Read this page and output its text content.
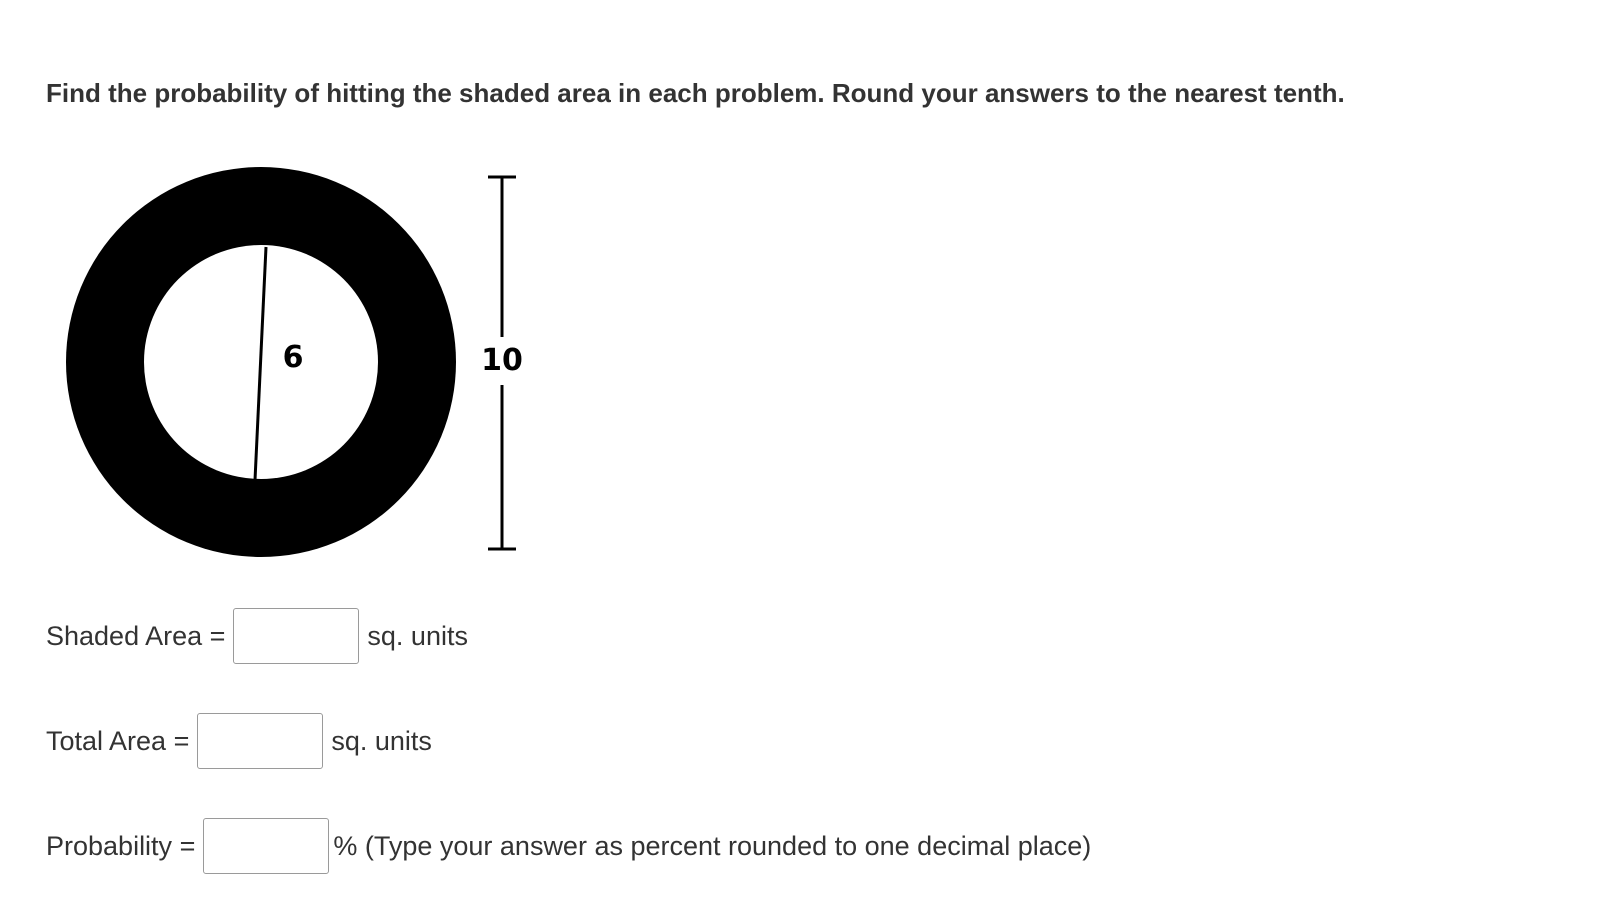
Find the probability of hitting the shaded area in each problem. Round your answers to the nearest tenth.

6	10
Shaded Area =	sq. units
Total Area =	sq. units
Probability =	% (Type your answer as percent rounded to one decimal place)
